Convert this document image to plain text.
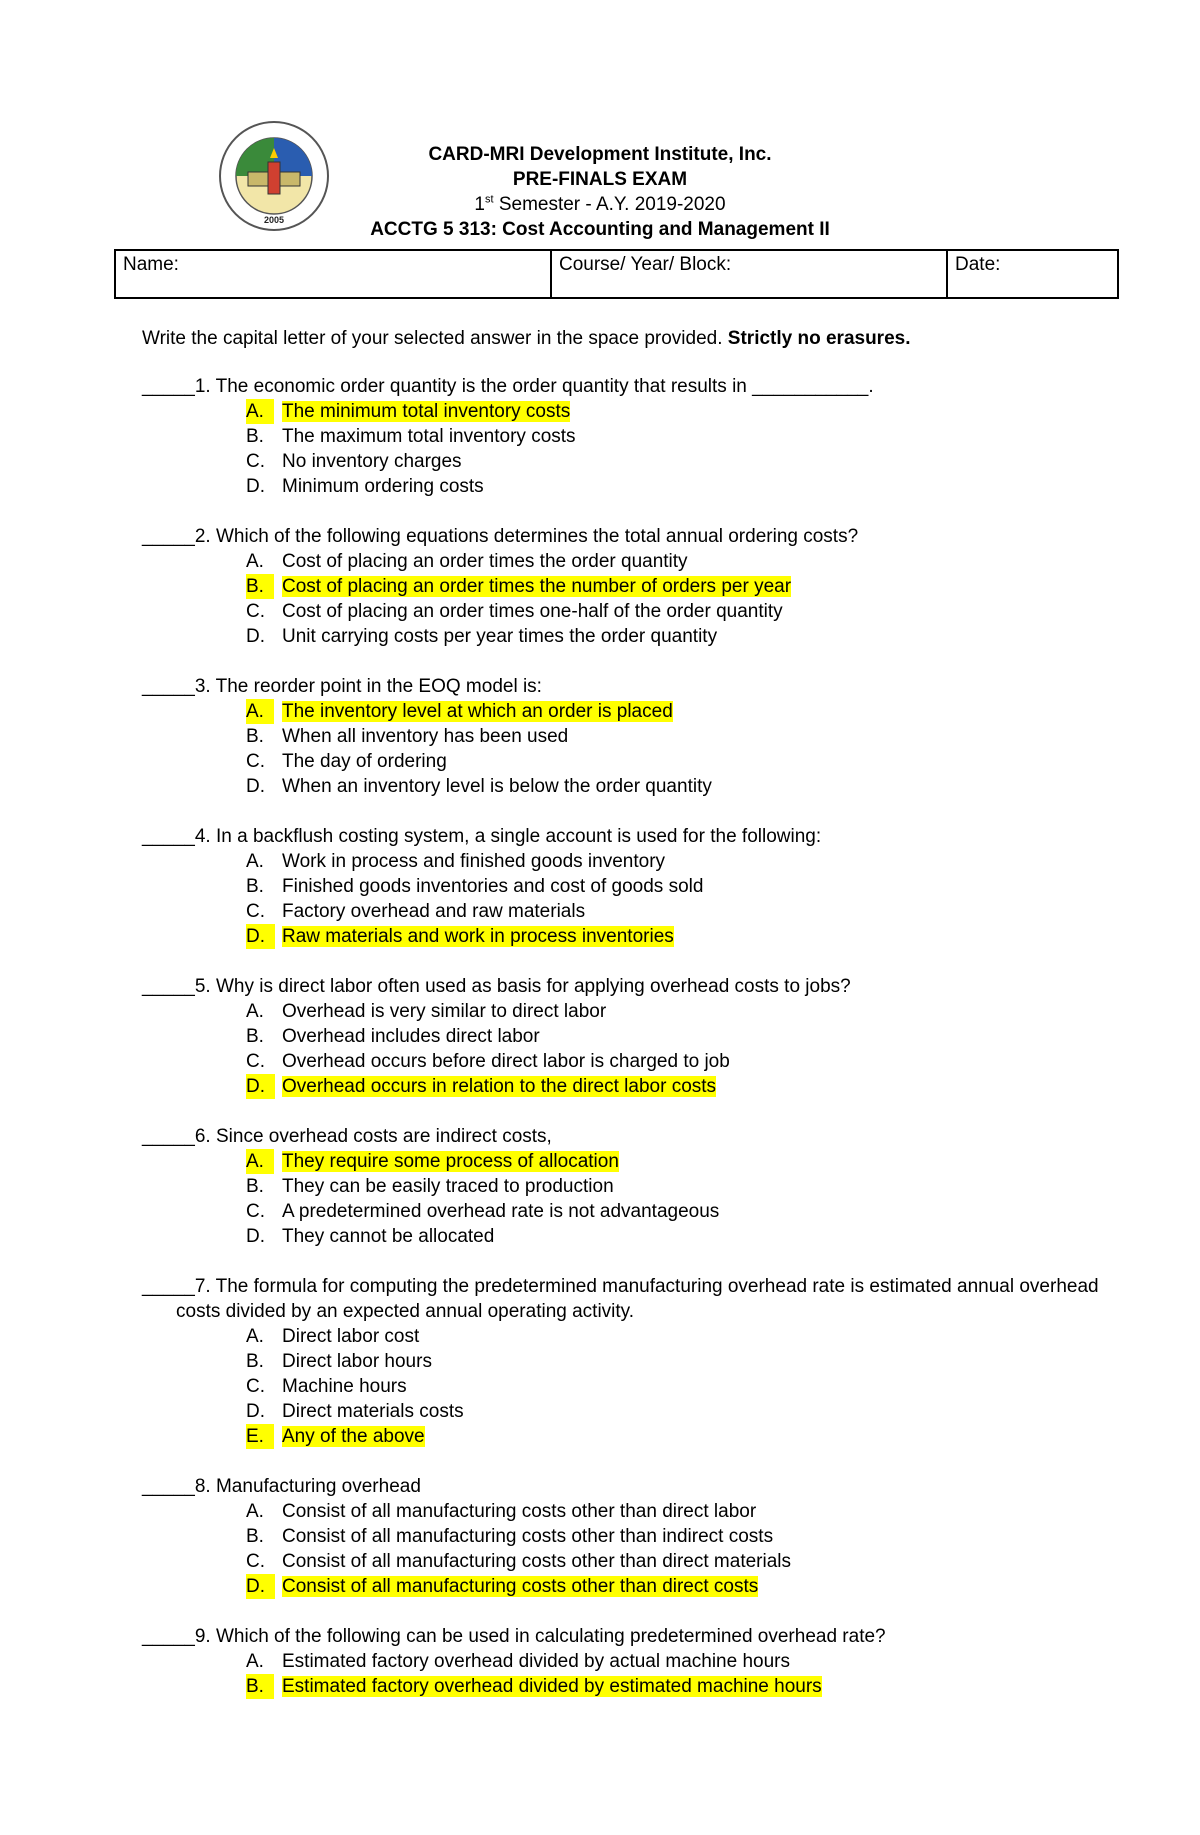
2005
CARD-MRI Development Institute, Inc.
PRE-FINALS EXAM
1st Semester - A.Y. 2019-2020
ACCTG 5 313: Cost Accounting and Management II
Name:	Course/ Year/ Block:	Date:
Write the capital letter of your selected answer in the space provided. Strictly no erasures.
_____1. The economic order quantity is the order quantity that results in ___________.
A. The minimum total inventory costs
B. The maximum total inventory costs
C. No inventory charges
D. Minimum ordering costs
_____2. Which of the following equations determines the total annual ordering costs?
A. Cost of placing an order times the order quantity
B. Cost of placing an order times the number of orders per year
C. Cost of placing an order times one-half of the order quantity
D. Unit carrying costs per year times the order quantity
_____3. The reorder point in the EOQ model is:
A. The inventory level at which an order is placed
B. When all inventory has been used
C. The day of ordering
D. When an inventory level is below the order quantity
_____4. In a backflush costing system, a single account is used for the following:
A. Work in process and finished goods inventory
B. Finished goods inventories and cost of goods sold
C. Factory overhead and raw materials
D. Raw materials and work in process inventories
_____5. Why is direct labor often used as basis for applying overhead costs to jobs?
A. Overhead is very similar to direct labor
B. Overhead includes direct labor
C. Overhead occurs before direct labor is charged to job
D. Overhead occurs in relation to the direct labor costs
_____6. Since overhead costs are indirect costs,
A. They require some process of allocation
B. They can be easily traced to production
C. A predetermined overhead rate is not advantageous
D. They cannot be allocated
_____7. The formula for computing the predetermined manufacturing overhead rate is estimated annual overhead costs divided by an expected annual operating activity.
A. Direct labor cost
B. Direct labor hours
C. Machine hours
D. Direct materials costs
E. Any of the above
_____8. Manufacturing overhead
A. Consist of all manufacturing costs other than direct labor
B. Consist of all manufacturing costs other than indirect costs
C. Consist of all manufacturing costs other than direct materials
D. Consist of all manufacturing costs other than direct costs
_____9. Which of the following can be used in calculating predetermined overhead rate?
A. Estimated factory overhead divided by actual machine hours
B. Estimated factory overhead divided by estimated machine hours
